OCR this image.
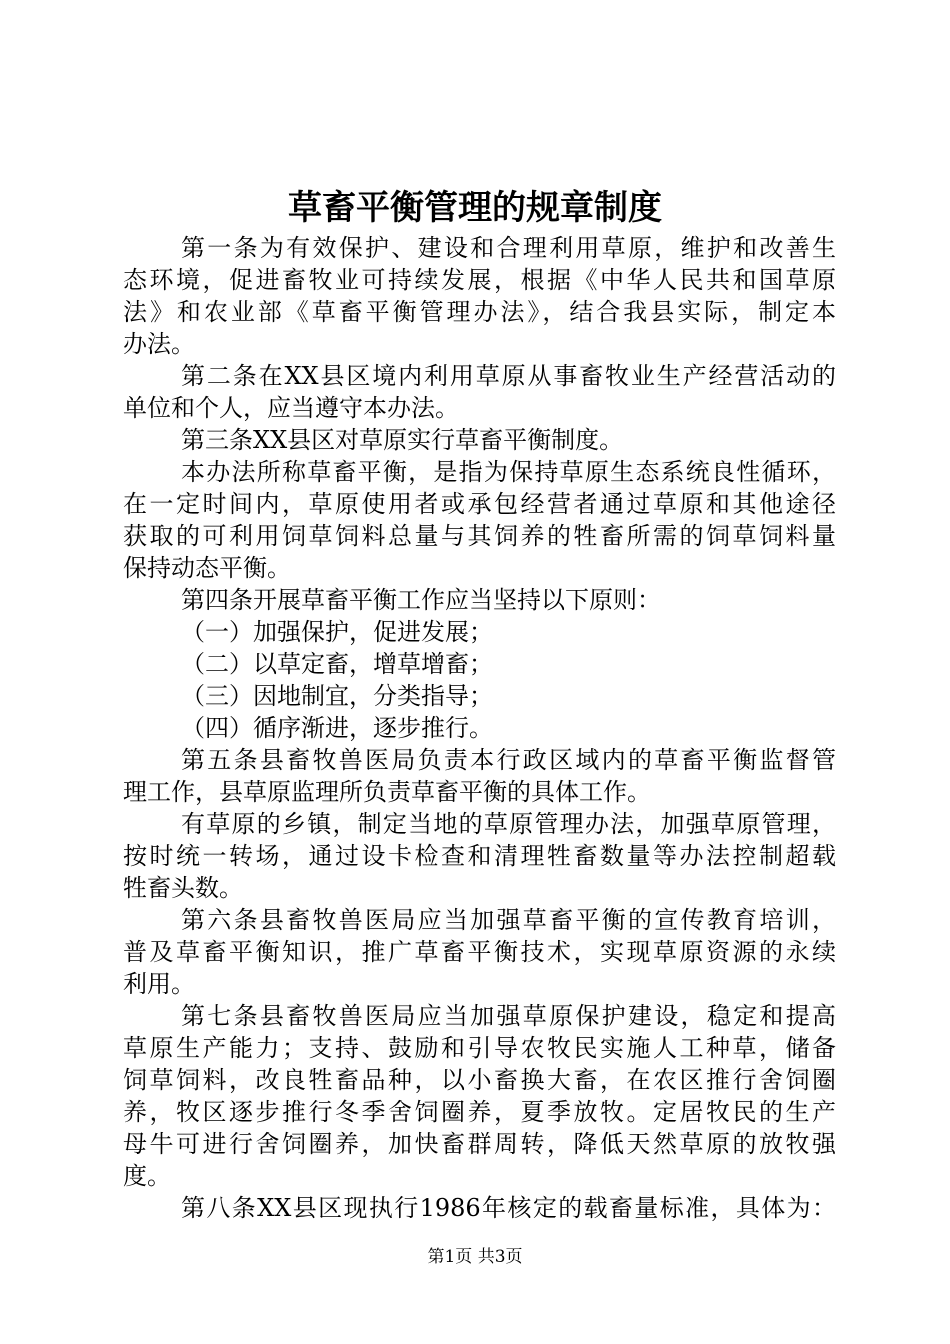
草畜平衡管理的规章制度
第一条为有效保护、建设和合理利用草原，维护和改善生
态环境，促进畜牧业可持续发展，根据《中华人民共和国草原
法》和农业部《草畜平衡管理办法》，结合我县实际，制定本
办法。
第二条在XX县区境内利用草原从事畜牧业生产经营活动的
单位和个人，应当遵守本办法。
第三条XX县区对草原实行草畜平衡制度。
本办法所称草畜平衡，是指为保持草原生态系统良性循环，
在一定时间内，草原使用者或承包经营者通过草原和其他途径
获取的可利用饲草饲料总量与其饲养的牲畜所需的饲草饲料量
保持动态平衡。
第四条开展草畜平衡工作应当坚持以下原则：
（一）加强保护，促进发展；
（二）以草定畜，增草增畜；
（三）因地制宜，分类指导；
（四）循序渐进，逐步推行。
第五条县畜牧兽医局负责本行政区域内的草畜平衡监督管
理工作，县草原监理所负责草畜平衡的具体工作。
有草原的乡镇，制定当地的草原管理办法，加强草原管理，
按时统一转场，通过设卡检查和清理牲畜数量等办法控制超载
牲畜头数。
第六条县畜牧兽医局应当加强草畜平衡的宣传教育培训，
普及草畜平衡知识，推广草畜平衡技术，实现草原资源的永续
利用。
第七条县畜牧兽医局应当加强草原保护建设，稳定和提高
草原生产能力；支持、鼓励和引导农牧民实施人工种草，储备
饲草饲料，改良牲畜品种，以小畜换大畜，在农区推行舍饲圈
养，牧区逐步推行冬季舍饲圈养，夏季放牧。定居牧民的生产
母牛可进行舍饲圈养，加快畜群周转，降低天然草原的放牧强
度。
第八条XX县区现执行1986年核定的载畜量标准，具体为：
第1页 共3页
